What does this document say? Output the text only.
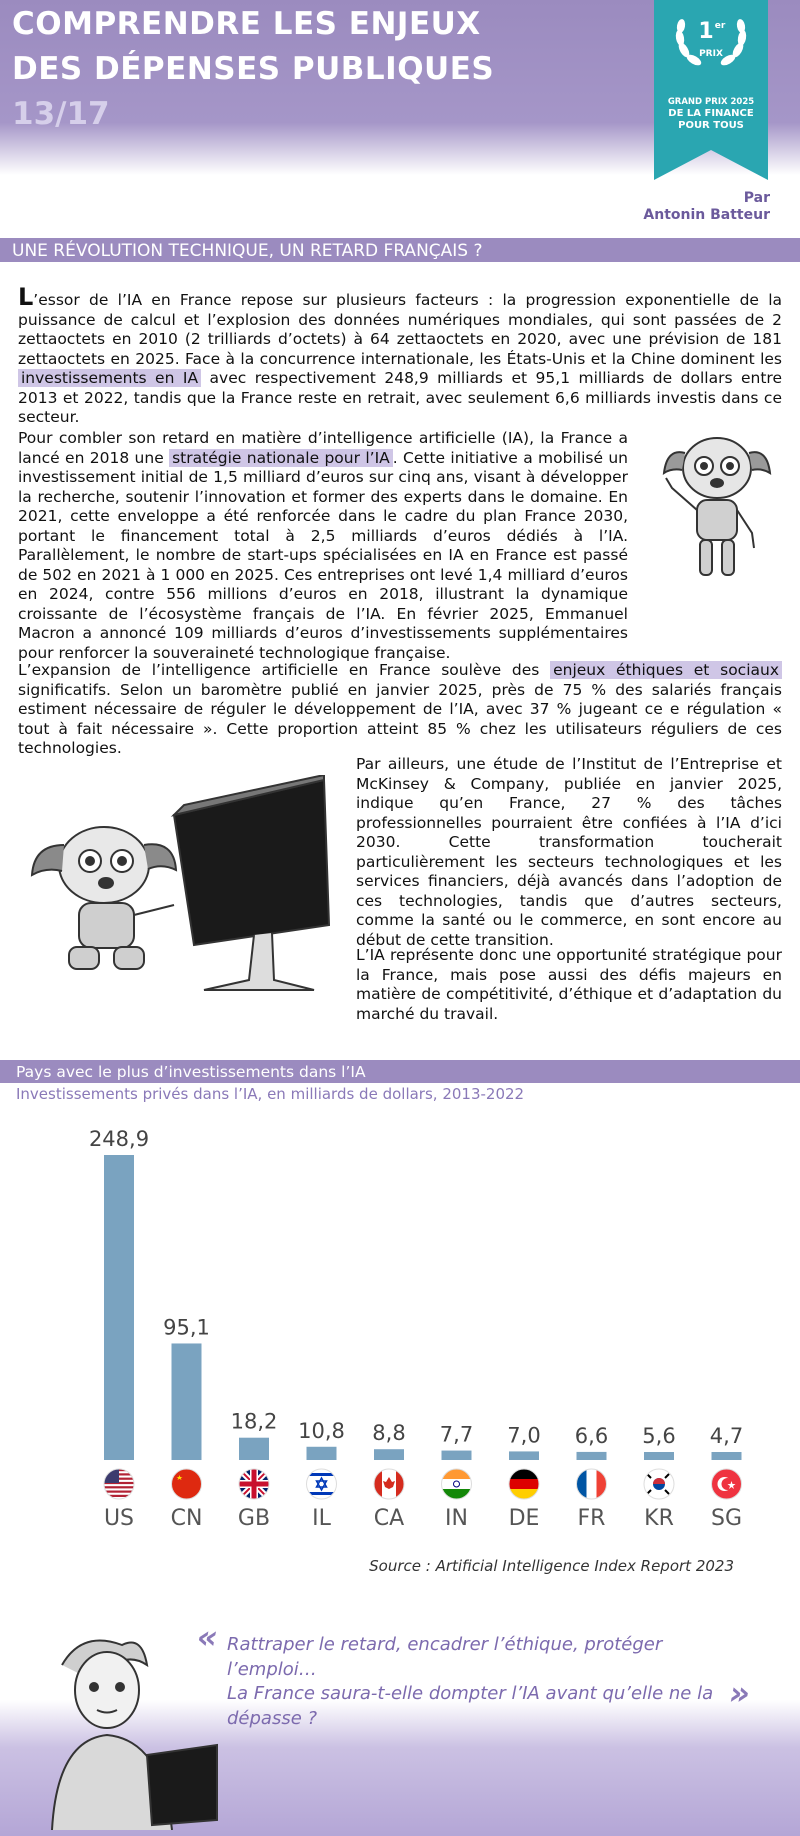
COMPRENDRE LES ENJEUX
DES DÉPENSES PUBLIQUES
13/17
1 er
PRIX
GRAND PRIX 2025
DE LA FINANCE
POUR TOUS
Par
Antonin Batteur
UNE RÉVOLUTION TECHNIQUE, UN RETARD FRANÇAIS ?
L’essor de l’IA en France repose sur plusieurs facteurs : la progression exponentielle de la puissance de calcul et l’explosion des données numériques mondiales, qui sont passées de 2 zettaoctets en 2010 (2 trilliards d’octets) à 64 zettaoctets en 2020, avec une prévision de 181 zettaoctets en 2025. Face à la concurrence internationale, les États-Unis et la Chine dominent les investissements en IA avec respectivement 248,9 milliards et 95,1 milliards de dollars entre 2013 et 2022, tandis que la France reste en retrait, avec seulement 6,6 milliards investis dans ce secteur.
Pour combler son retard en matière d’intelligence artificielle (IA), la France a lancé en 2018 une stratégie nationale pour l’IA . Cette initiative a mobilisé un investissement initial de 1,5 milliard d’euros sur cinq ans, visant à développer la recherche, soutenir l’innovation et former des experts dans le domaine. En 2021, cette enveloppe a été renforcée dans le cadre du plan France 2030, portant le financement total à 2,5 milliards d’euros dédiés à l’IA. Parallèlement, le nombre de start-ups spécialisées en IA en France est passé de 502 en 2021 à 1 000 en 2025. Ces entreprises ont levé 1,4 milliard d’euros en 2024, contre 556 millions d’euros en 2018, illustrant la dynamique croissante de l’écosystème français de l’IA. En février 2025, Emmanuel Macron a annoncé 109 milliards d’euros d’investissements supplémentaires pour renforcer la souveraineté technologique française.
L’expansion de l’intelligence artificielle en France soulève des enjeux éthiques et sociaux significatifs. Selon un baromètre publié en janvier 2025, près de 75 % des salariés français estiment nécessaire de réguler le développement de l’IA, avec 37 % jugeant ce e régulation « tout à fait nécessaire ». Cette proportion atteint 85 % chez les utilisateurs réguliers de ces technologies.
Par ailleurs, une étude de l’Institut de l’Entreprise et McKinsey & Company, publiée en janvier 2025, indique qu’en France, 27 % des tâches professionnelles pourraient être confiées à l’IA d’ici 2030. Cette transformation toucherait particulièrement les secteurs technologiques et les services financiers, déjà avancés dans l’adoption de ces technologies, tandis que d’autres secteurs, comme la santé ou le commerce, en sont encore au début de cette transition.
L’IA représente donc une opportunité stratégique pour la France, mais pose aussi des défis majeurs en matière de compétitivité, d’éthique et d’adaptation du marché du travail.
Pays avec le plus d’investissements dans l’IA
Investissements privés dans l’IA, en milliards de dollars, 2013-2022
248,9
US
95,1
CN
18,2
GB
10,8
IL
8,8
CA
7,7
IN
7,0
DE
6,6
FR
5,6
KR
4,7
SG
Source : Artificial Intelligence Index Report 2023
« Rattraper le retard, encadrer l’éthique, protéger l’emploi…
La France saura-t-elle dompter l’IA avant qu’elle ne la dépasse ?
»
